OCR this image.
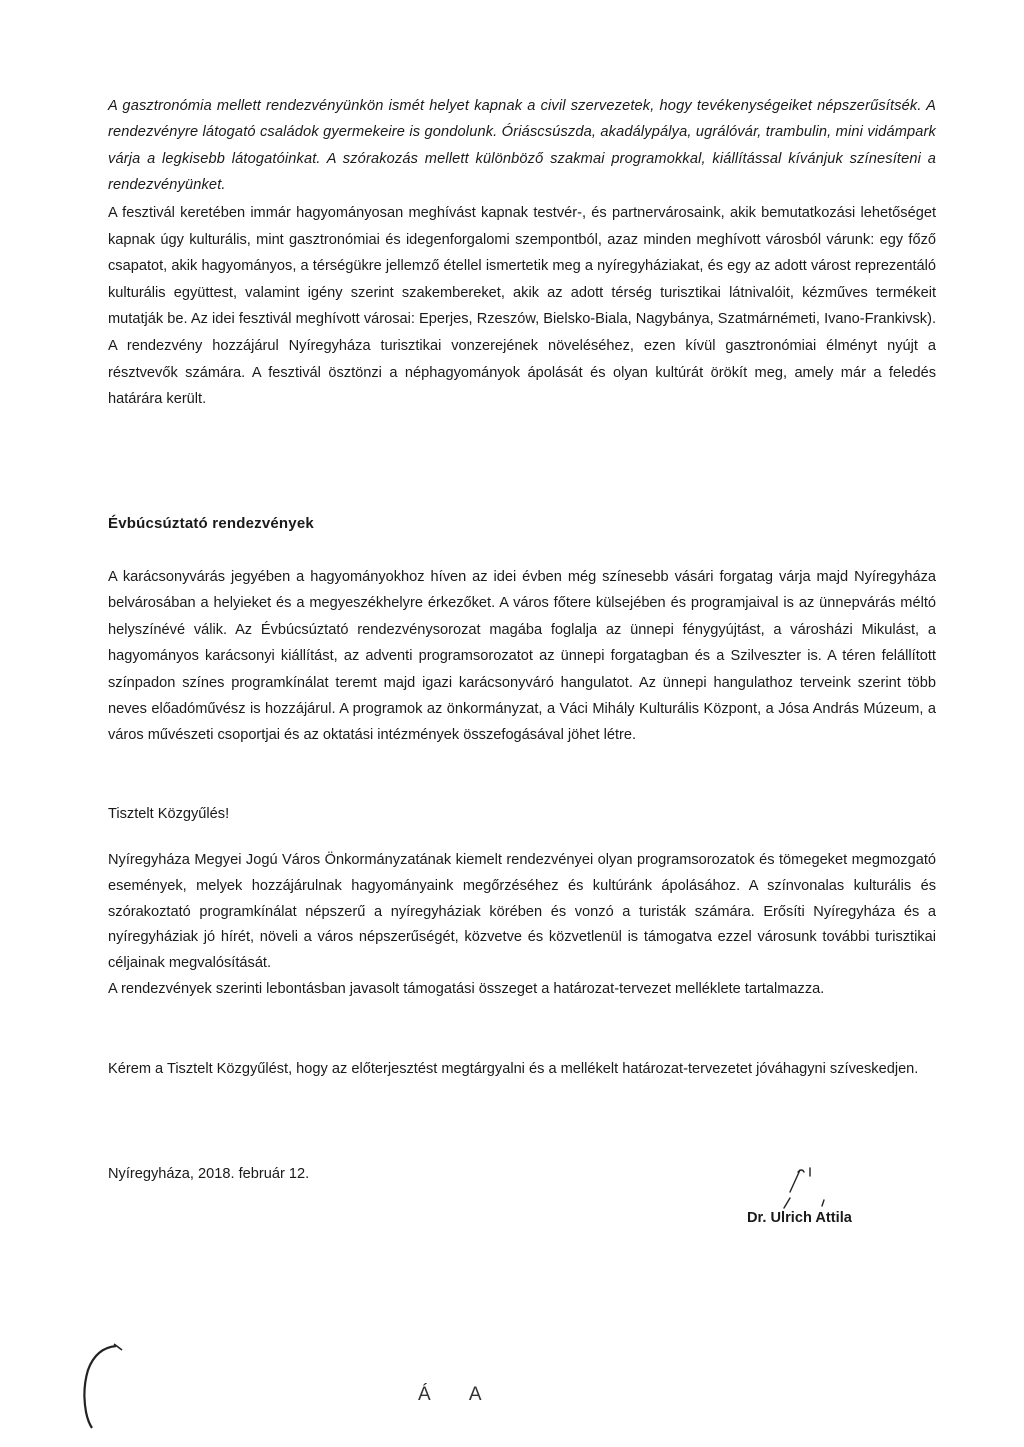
A gasztronómia mellett rendezvényünkön ismét helyet kapnak a civil szervezetek, hogy tevékenységeiket népszerűsítsék. A rendezvényre látogató családok gyermekeire is gondolunk. Óriáscsúszda, akadálypálya, ugrálóvár, trambulin, mini vidámpark várja a legkisebb látogatóinkat. A szórakozás mellett különböző szakmai programokkal, kiállítással kívánjuk színesíteni a rendezvényünket.

A fesztivál keretében immár hagyományosan meghívást kapnak testvér-, és partnervárosaink, akik bemutatkozási lehetőséget kapnak úgy kulturális, mint gasztronómiai és idegenforgalomi szempontból, azaz minden meghívott városból várunk: egy főző csapatot, akik hagyományos, a térségükre jellemző étellel ismertetik meg a nyíregyháziakat, és egy az adott várost reprezentáló kulturális együttest, valamint igény szerint szakembereket, akik az adott térség turisztikai látnivalóit, kézműves termékeit mutatják be. Az idei fesztivál meghívott városai: Eperjes, Rzeszów, Bielsko-Biala, Nagybánya, Szatmárnémeti, Ivano-Frankivsk). A rendezvény hozzájárul Nyíregyháza turisztikai vonzerejének növeléséhez, ezen kívül gasztronómiai élményt nyújt a résztvevők számára. A fesztivál ösztönzi a néphagyományok ápolását és olyan kultúrát örökít meg, amely már a feledés határára került.

Évbúcsúztató rendezvények

A karácsonyvárás jegyében a hagyományokhoz híven az idei évben még színesebb vásári forgatag várja majd Nyíregyháza belvárosában a helyieket és a megyeszékhelyre érkezőket. A város főtere külsejében és programjaival is az ünnepvárás méltó helyszínévé válik. Az Évbúcsúztató rendezvénysorozat magába foglalja az ünnepi fénygyújtást, a városházi Mikulást, a hagyományos karácsonyi kiállítást, az adventi programsorozatot az ünnepi forgatagban és a Szilveszter is. A téren felállított színpadon színes programkínálat teremt majd igazi karácsonyváró hangulatot. Az ünnepi hangulathoz terveink szerint több neves előadóművész is hozzájárul. A programok az önkormányzat, a Váci Mihály Kulturális Központ, a Jósa András Múzeum, a város művészeti csoportjai és az oktatási intézmények összefogásával jöhet létre.

Tisztelt Közgyűlés!

Nyíregyháza Megyei Jogú Város Önkormányzatának kiemelt rendezvényei olyan programsorozatok és tömegeket megmozgató események, melyek hozzájárulnak hagyományaink megőrzéséhez és kultúránk ápolásához. A színvonalas kulturális és szórakoztató programkínálat népszerű a nyíregyháziak körében és vonzó a turisták számára. Erősíti Nyíregyháza és a nyíregyháziak jó hírét, növeli a város népszerűségét, közvetve és közvetlenül is támogatva ezzel városunk további turisztikai céljainak megvalósítását.

A rendezvények szerinti lebontásban javasolt támogatási összeget a határozat-tervezet melléklete tartalmazza.

Kérem a Tisztelt Közgyűlést, hogy az előterjesztést megtárgyalni és a mellékelt határozat-tervezetet jóváhagyni szíveskedjen.

Nyíregyháza, 2018. február 12.
Dr. Ulrich Attila
Á A
